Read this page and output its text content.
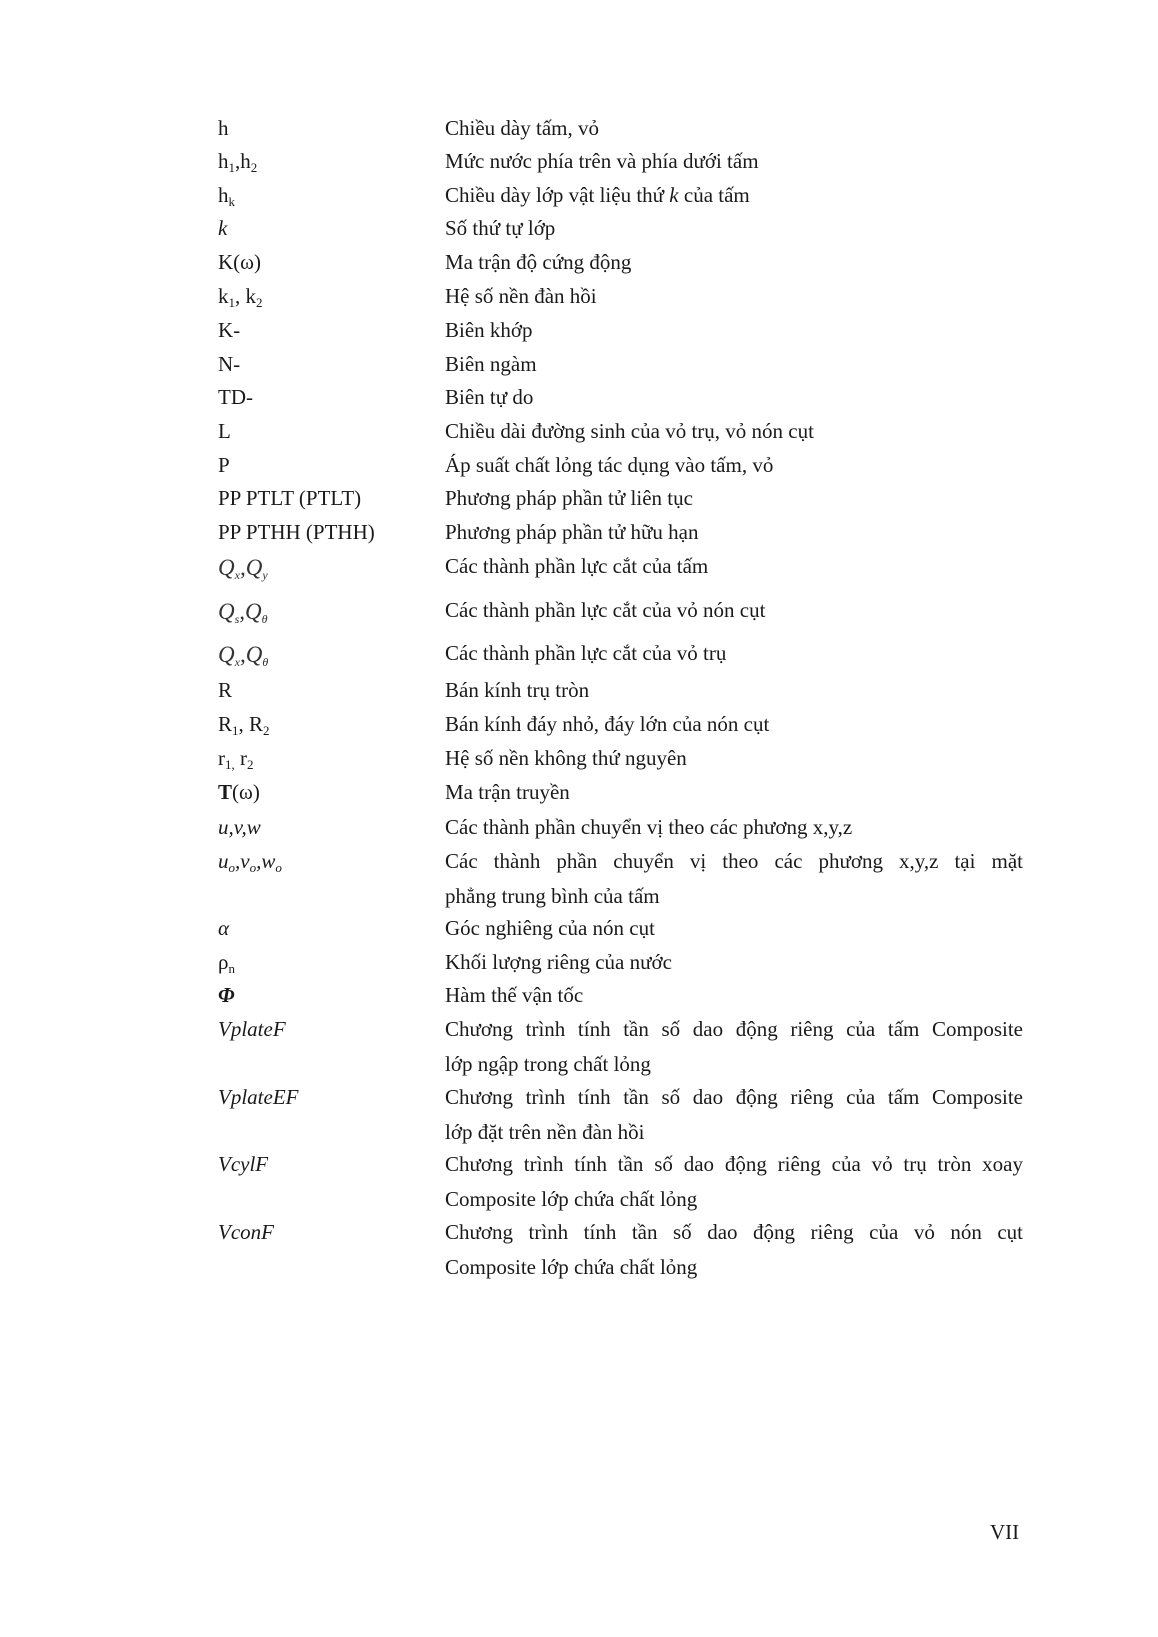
h	Chiều dày tấm, vỏ
$h_1,h_2$	Mức nước phía trên và phía dưới tấm
$h_k$	Chiều dày lớp vật liệu thứ k của tấm
k	Số thứ tự lớp
K(ω)	Ma trận độ cứng động
$k_1$, $k_2$	Hệ số nền đàn hồi
K-	Biên khớp
N-	Biên ngàm
TD-	Biên tự do
L	Chiều dài đường sinh của vỏ trụ, vỏ nón cụt
P	Áp suất chất lỏng tác dụng vào tấm, vỏ
PP PTLT (PTLT)	Phương pháp phần tử liên tục
PP PTHH (PTHH)	Phương pháp phần tử hữu hạn
$Q_x,Q_y$	Các thành phần lực cắt của tấm
$Q_s,Q_\theta$	Các thành phần lực cắt của vỏ nón cụt
$Q_x,Q_\theta$	Các thành phần lực cắt của vỏ trụ
R	Bán kính trụ tròn
$R_1$, $R_2$	Bán kính đáy nhỏ, đáy lớn của nón cụt
$r_{1,}$ $r_2$	Hệ số nền không thứ nguyên
T(ω)	Ma trận truyền
u,v,w	Các thành phần chuyển vị theo các phương x,y,z
$u_o,v_o,w_o$	Các thành phần chuyển vị theo các phương x,y,z tại mặt
phẳng trung bình của tấm
α	Góc nghiêng của nón cụt
$\rho_n$	Khối lượng riêng của nước
Φ	Hàm thế vận tốc
VplateF	Chương trình tính tần số dao động riêng của tấm Composite
lớp ngập trong chất lỏng
VplateEF	Chương trình tính tần số dao động riêng của tấm Composite
lớp đặt trên nền đàn hồi
VcylF	Chương trình tính tần số dao động riêng của vỏ trụ tròn xoay
Composite lớp chứa chất lỏng
VconF	Chương trình tính tần số dao động riêng của vỏ nón cụt
Composite lớp chứa chất lỏng
VII
